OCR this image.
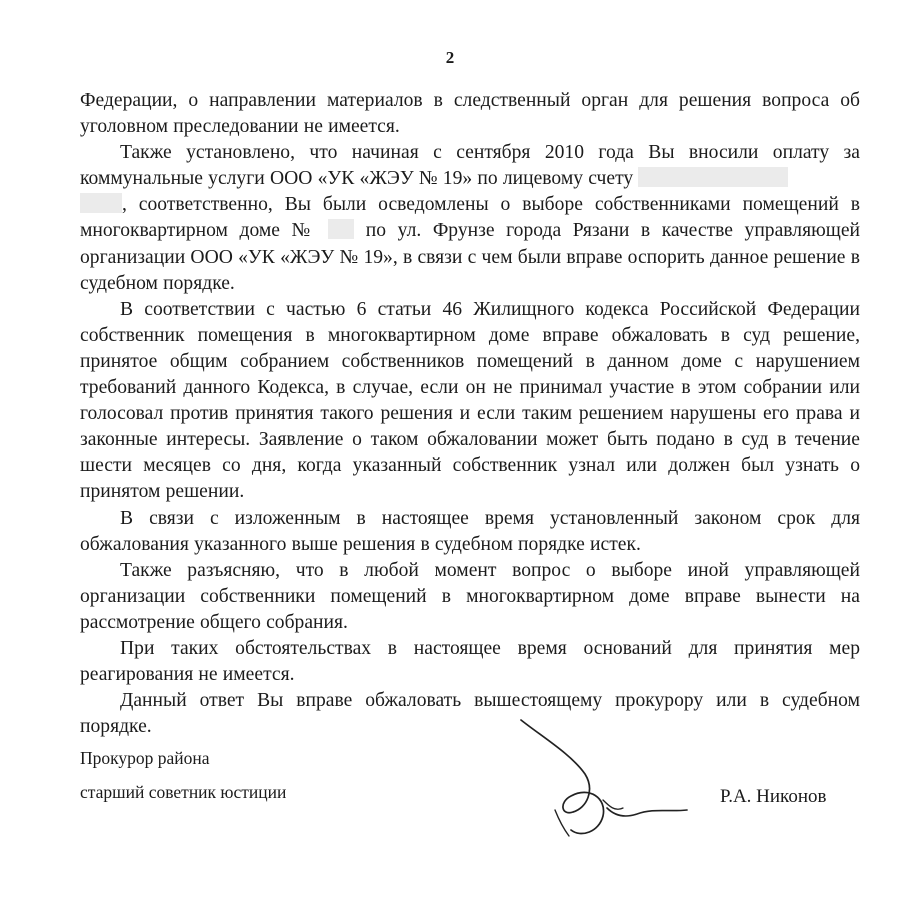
2

Федерации, о направлении материалов в следственный орган для решения вопроса об уголовном преследовании не имеется.

Также установлено, что начиная с сентября 2010 года Вы вносили оплату за коммунальные услуги ООО «УК «ЖЭУ № 19» по лицевому счету
, соответственно, Вы были осведомлены о выборе собственниками помещений в многоквартирном доме №	по ул. Фрунзе города Рязани в качестве управляющей организации ООО «УК «ЖЭУ № 19», в связи с чем были вправе оспорить данное решение в судебном порядке.

В соответствии с частью 6 статьи 46 Жилищного кодекса Российской Федерации собственник помещения в многоквартирном доме вправе обжаловать в суд решение, принятое общим собранием собственников помещений в данном доме с нарушением требований данного Кодекса, в случае, если он не принимал участие в этом собрании или голосовал против принятия такого решения и если таким решением нарушены его права и законные интересы. Заявление о таком обжаловании может быть подано в суд в течение шести месяцев со дня, когда указанный собственник узнал или должен был узнать о принятом решении.

В связи с изложенным в настоящее время установленный законом срок для обжалования указанного выше решения в судебном порядке истек.

Также разъясняю, что в любой момент вопрос о выборе иной управляющей организации собственники помещений в многоквартирном доме вправе вынести на рассмотрение общего собрания.

При таких обстоятельствах в настоящее время оснований для принятия мер реагирования не имеется.

Данный ответ Вы вправе обжаловать вышестоящему прокурору или в судебном порядке.

Прокурор района
старший советник юстиции	Р.А. Никонов
